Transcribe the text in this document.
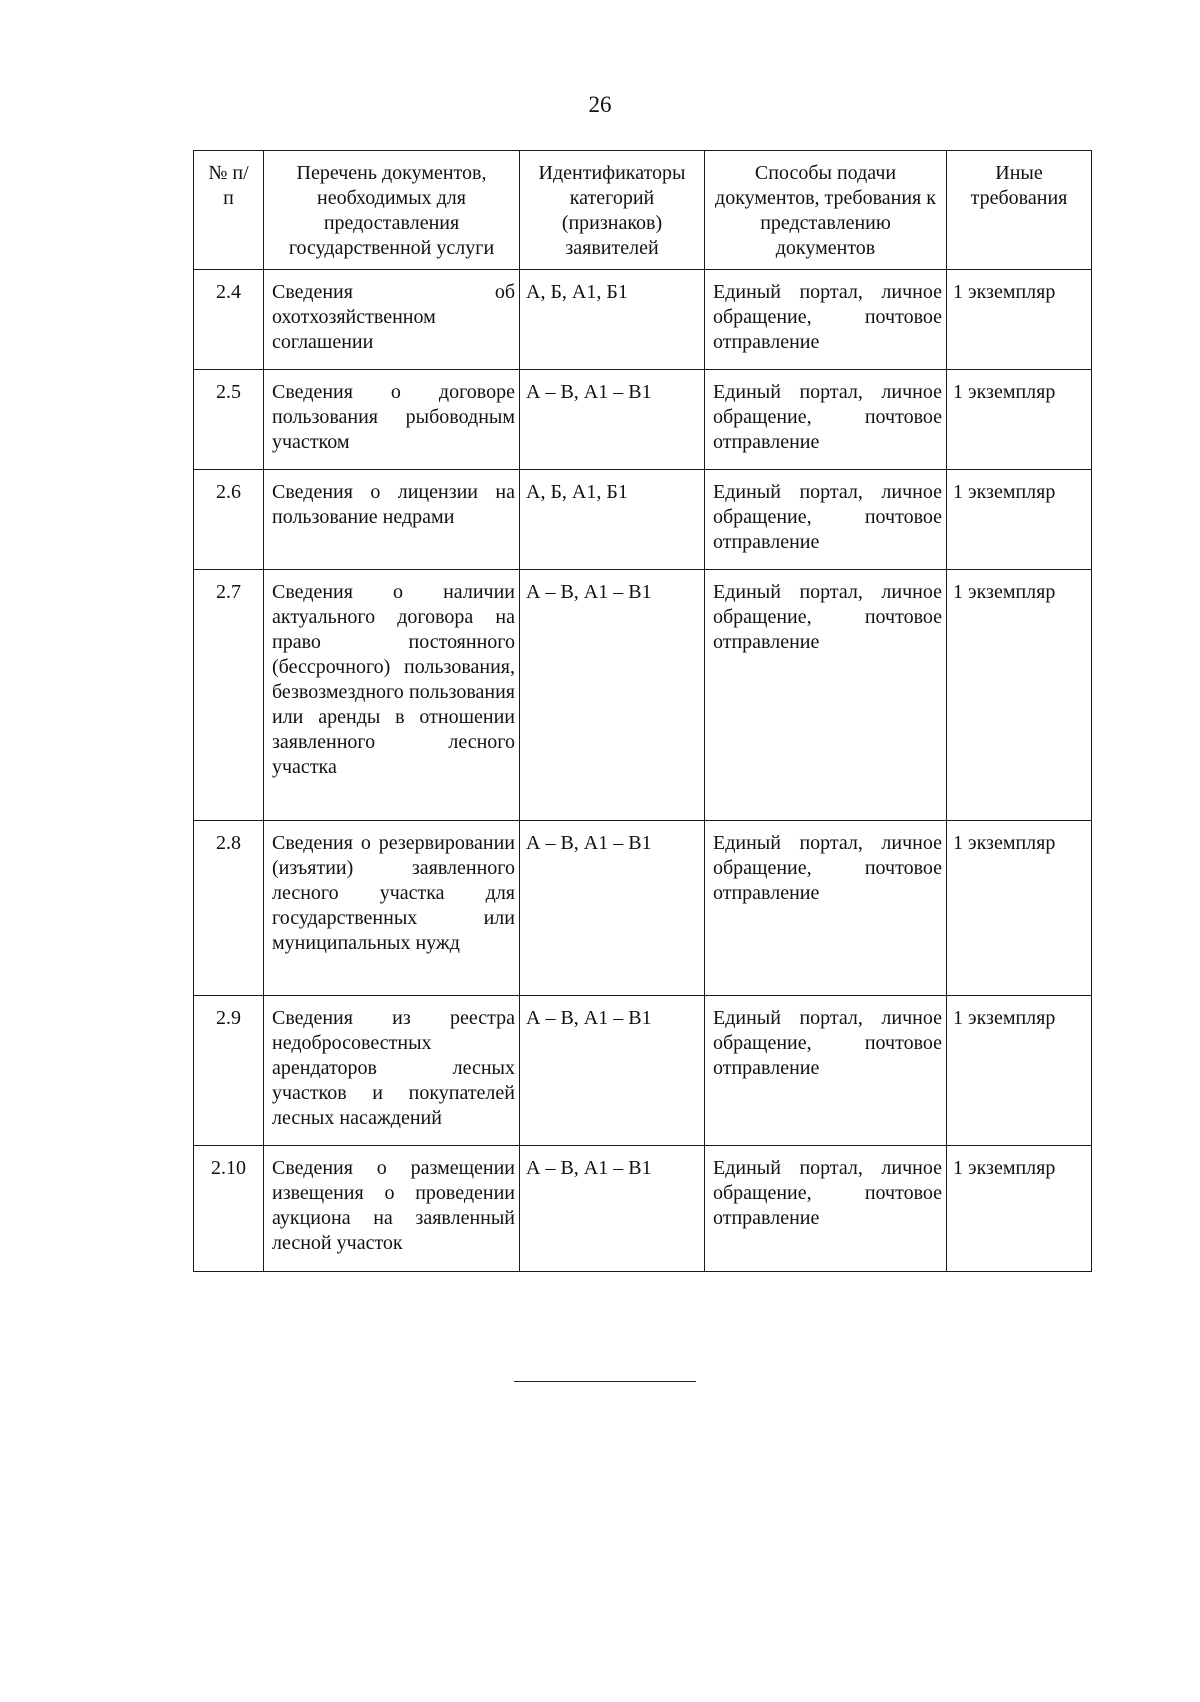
26
№ п/п	Перечень документов, необходимых для предоставления государственной услуги	Идентификаторы категорий (признаков) заявителей	Способы подачи документов, требования к представлению документов	Иные требования
2.4	Сведения об охотхозяйственном соглашении	А, Б, А1, Б1	Единый портал, личное обращение, почтовое отправление	1 экземпляр
2.5	Сведения о договоре пользования рыбоводным участком	А – В, А1 – В1	Единый портал, личное обращение, почтовое отправление	1 экземпляр
2.6	Сведения о лицензии на пользование недрами	А, Б, А1, Б1	Единый портал, личное обращение, почтовое отправление	1 экземпляр
2.7	Сведения о наличии актуального договора на право постоянного (бессрочного) пользования, безвозмездного пользования или аренды в отношении заявленного лесного участка	А – В, А1 – В1	Единый портал, личное обращение, почтовое отправление	1 экземпляр
2.8	Сведения о резервировании (изъятии) заявленного лесного участка для государственных или муниципальных нужд	А – В, А1 – В1	Единый портал, личное обращение, почтовое отправление	1 экземпляр
2.9	Сведения из реестра недобросовестных арендаторов лесных участков и покупателей лесных насаждений	А – В, А1 – В1	Единый портал, личное обращение, почтовое отправление	1 экземпляр
2.10	Сведения о размещении извещения о проведении аукциона на заявленный лесной участок	А – В, А1 – В1	Единый портал, личное обращение, почтовое отправление	1 экземпляр
